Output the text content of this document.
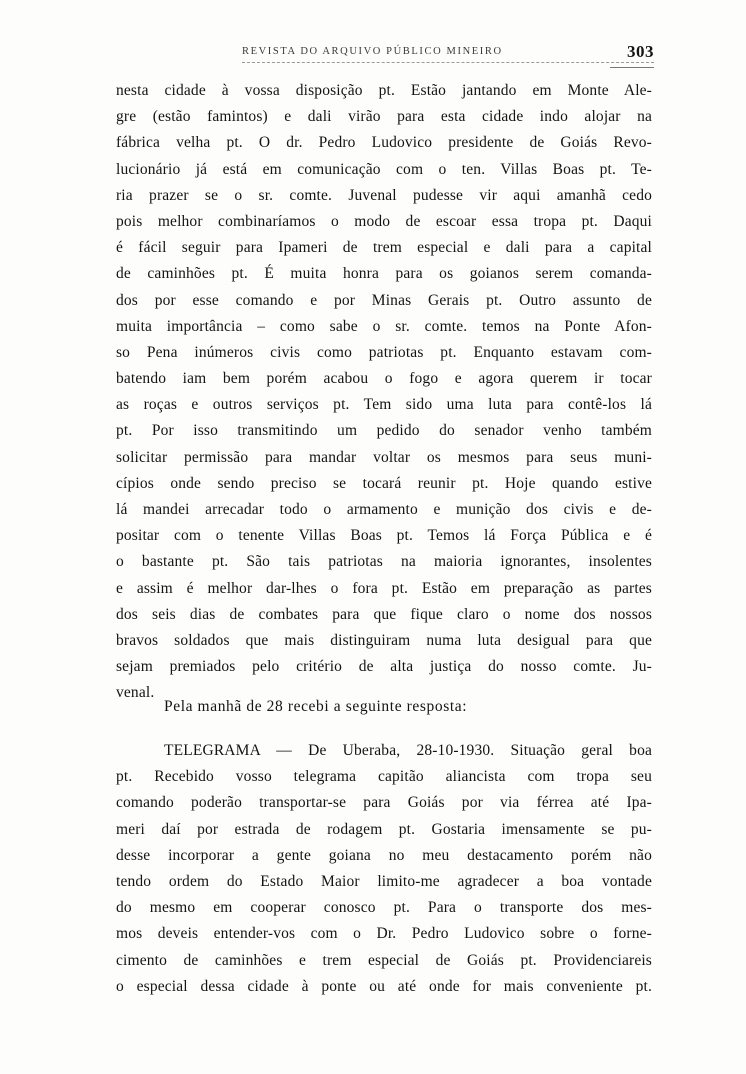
REVISTA DO ARQUIVO PÚBLICO MINEIRO	303
nesta cidade à vossa disposição pt. Estão jantando em Monte Ale-
gre (estão famintos) e dali virão para esta cidade indo alojar na
fábrica velha pt. O dr. Pedro Ludovico presidente de Goiás Revo-
lucionário já está em comunicação com o ten. Villas Boas pt. Te-
ria prazer se o sr. comte. Juvenal pudesse vir aqui amanhã cedo
pois melhor combinaríamos o modo de escoar essa tropa pt. Daqui
é fácil seguir para Ipameri de trem especial e dali para a capital
de caminhões pt. É muita honra para os goianos serem comanda-
dos por esse comando e por Minas Gerais pt. Outro assunto de
muita importância – como sabe o sr. comte. temos na Ponte Afon-
so Pena inúmeros civis como patriotas pt. Enquanto estavam com-
batendo iam bem porém acabou o fogo e agora querem ir tocar
as roças e outros serviços pt. Tem sido uma luta para contê-los lá
pt. Por isso transmitindo um pedido do senador venho também
solicitar permissão para mandar voltar os mesmos para seus muni-
cípios onde sendo preciso se tocará reunir pt. Hoje quando estive
lá mandei arrecadar todo o armamento e munição dos civis e de-
positar com o tenente Villas Boas pt. Temos lá Força Pública e é
o bastante pt. São tais patriotas na maioria ignorantes, insolentes
e assim é melhor dar-lhes o fora pt. Estão em preparação as partes
dos seis dias de combates para que fique claro o nome dos nossos
bravos soldados que mais distinguiram numa luta desigual para que
sejam premiados pelo critério de alta justiça do nosso comte. Ju-
venal.
Pela manhã de 28 recebi a seguinte resposta:
TELEGRAMA — De Uberaba, 28-10-1930. Situação geral boa
pt. Recebido vosso telegrama capitão aliancista com tropa seu
comando poderão transportar-se para Goiás por via férrea até Ipa-
meri daí por estrada de rodagem pt. Gostaria imensamente se pu-
desse incorporar a gente goiana no meu destacamento porém não
tendo ordem do Estado Maior limito-me agradecer a boa vontade
do mesmo em cooperar conosco pt. Para o transporte dos mes-
mos deveis entender-vos com o Dr. Pedro Ludovico sobre o forne-
cimento de caminhões e trem especial de Goiás pt. Providenciareis
o especial dessa cidade à ponte ou até onde for mais conveniente pt.
